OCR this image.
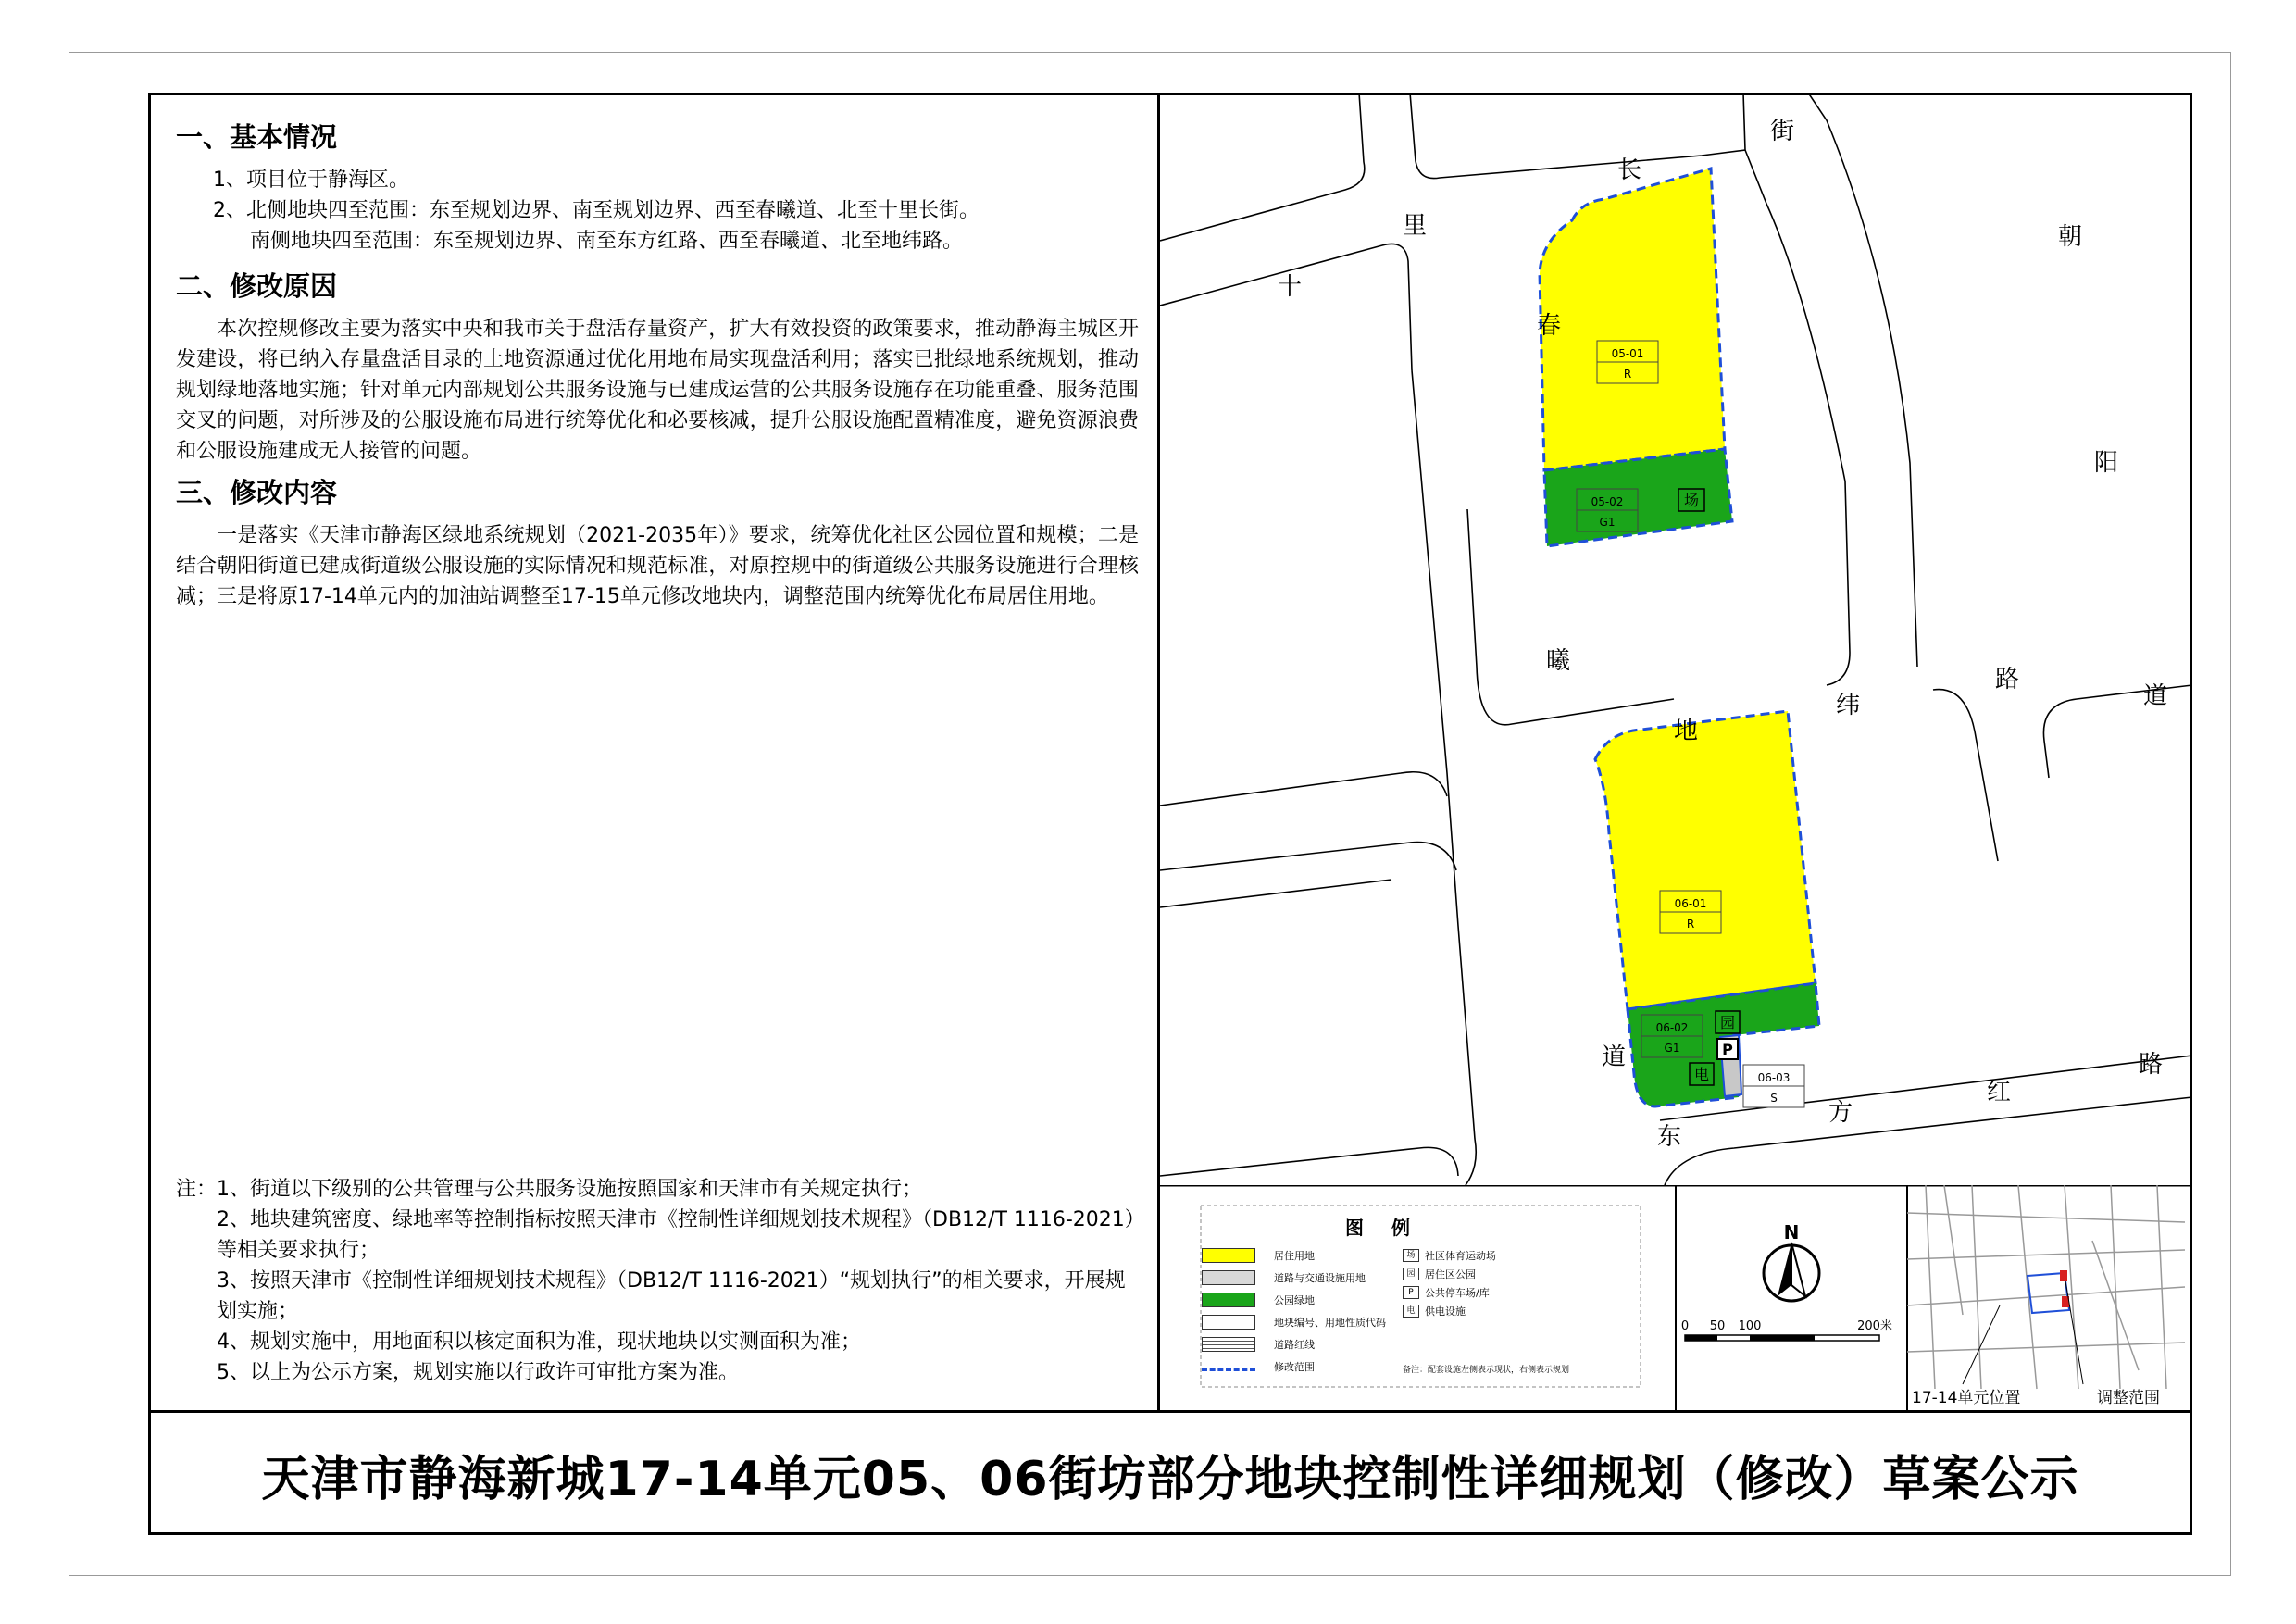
一、基本情况

1、项目位于静海区。

2、北侧地块四至范围：东至规划边界、南至规划边界、西至春曦道、北至十里长街。

南侧地块四至范围：东至规划边界、南至东方红路、西至春曦道、北至地纬路。

二、修改原因

本次控规修改主要为落实中央和我市关于盘活存量资产，扩大有效投资的政策要求，推动静海主城区开发建设，将已纳入存量盘活目录的土地资源通过优化用地布局实现盘活利用；落实已批绿地系统规划，推动规划绿地落地实施；针对单元内部规划公共服务设施与已建成运营的公共服务设施存在功能重叠、服务范围交叉的问题，对所涉及的公服设施布局进行统筹优化和必要核减，提升公服设施配置精准度，避免资源浪费和公服设施建成无人接管的问题。

三、修改内容

一是落实《天津市静海区绿地系统规划（2021-2035年）》要求，统筹优化社区公园位置和规模；二是结合朝阳街道已建成街道级公服设施的实际情况和规范标准，对原控规中的街道级公共服务设施进行合理核减；三是将原17-14单元内的加油站调整至17-15单元修改地块内，调整范围内统筹优化布局居住用地。

注：1、街道以下级别的公共管理与公共服务设施按照国家和天津市有关规定执行；

2、地块建筑密度、绿地率等控制指标按照天津市《控制性详细规划技术规程》（DB12/T 1116-2021）等相关要求执行；

3、按照天津市《控制性详细规划技术规程》（DB12/T 1116-2021）“规划执行”的相关要求，开展规划实施；

4、规划实施中，用地面积以核定面积为准，现状地块以实测面积为准；

5、以上为公示方案，规划实施以行政许可审批方案为准。

05-01
R
05-02
G1
06-01
R
06-02
G1
06-03
S
场
园
电
P
十
里
长
街
朝
阳
道
春
曦
道
地
纬
路
东
方
红
路
图例
居住用地
道路与交通设施用地
公园绿地
地块编号、用地性质代码
道路红线
修改范围
场 社区体育运动场
园 居住区公园
P	公共停车场/库
电 供电设施
备注：配套设施左侧表示现状，右侧表示规划
N
0 50 100	200米
17-14单元位置	调整范围
天津市静海新城17-14单元05、06街坊部分地块控制性详细规划（修改）草案公示
